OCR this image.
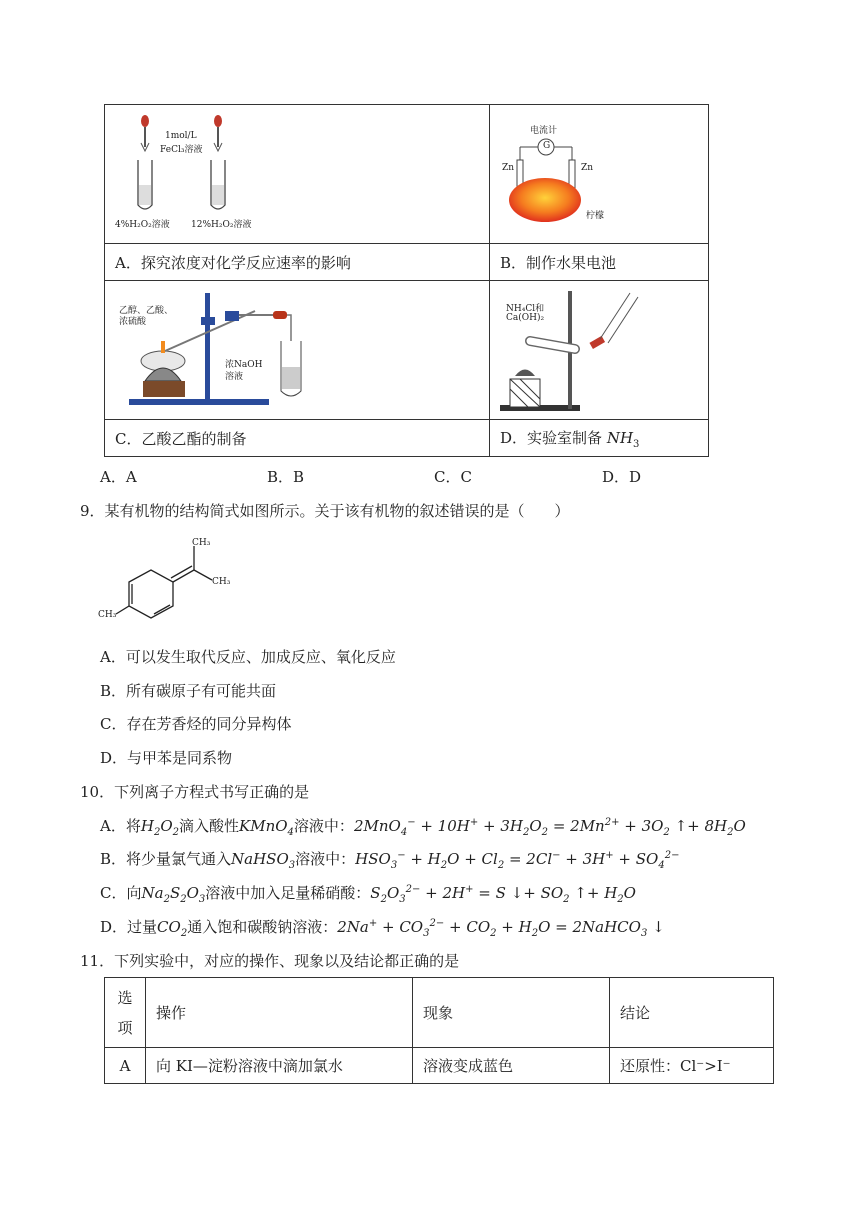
1mol/L
FeCl₃溶液
4%H₂O₂溶液 12%H₂O₂溶液	电流计
G
Zn Zn
柠檬

A．探究浓度对化学反应速率的影响	B．制作水果电池

乙醇、乙酸、
浓硫酸
浓NaOH
溶液	NH₄Cl和
Ca(OH)₂

C．乙酸乙酯的制备	D．实验室制备 $NH_3$
A．A	B．B	C．C	D．D
9．某有机物的结构简式如图所示。关于该有机物的叙述错误的是（　　）
CH₃
CH₃
CH₃
A．可以发生取代反应、加成反应、氧化反应
B．所有碳原子有可能共面
C．存在芳香烃的同分异构体
D．与甲苯是同系物
10．下列离子方程式书写正确的是
A．将$H_2O_2$滴入酸性KMnO$_4$溶液中：$2MnO_4^- + 10H^+ + 3H_2O_2 = 2Mn^{2+} + 3O_2$ ↑+ $8H_2O$
B．将少量氯气通入NaHSO$_3$溶液中：$HSO_3^- + H_2O + Cl_2 = 2Cl^- + 3H^+ + SO_4^{2-}$
C．向$Na_2S_2O_3$溶液中加入足量稀硝酸：$S_2O_3^{2-} + 2H^+ = S$ ↓+ $SO_2$ ↑+ $H_2O$
D．过量$CO_2$通入饱和碳酸钠溶液：$2Na^+ + CO_3^{2-} + CO_2 + H_2O$ = 2NaHCO$_3$ ↓
11．下列实验中，对应的操作、现象以及结论都正确的是
选
项	操作	现象	结论
A	向 KI—淀粉溶液中滴加氯水	溶液变成蓝色	还原性：Cl⁻>I⁻
